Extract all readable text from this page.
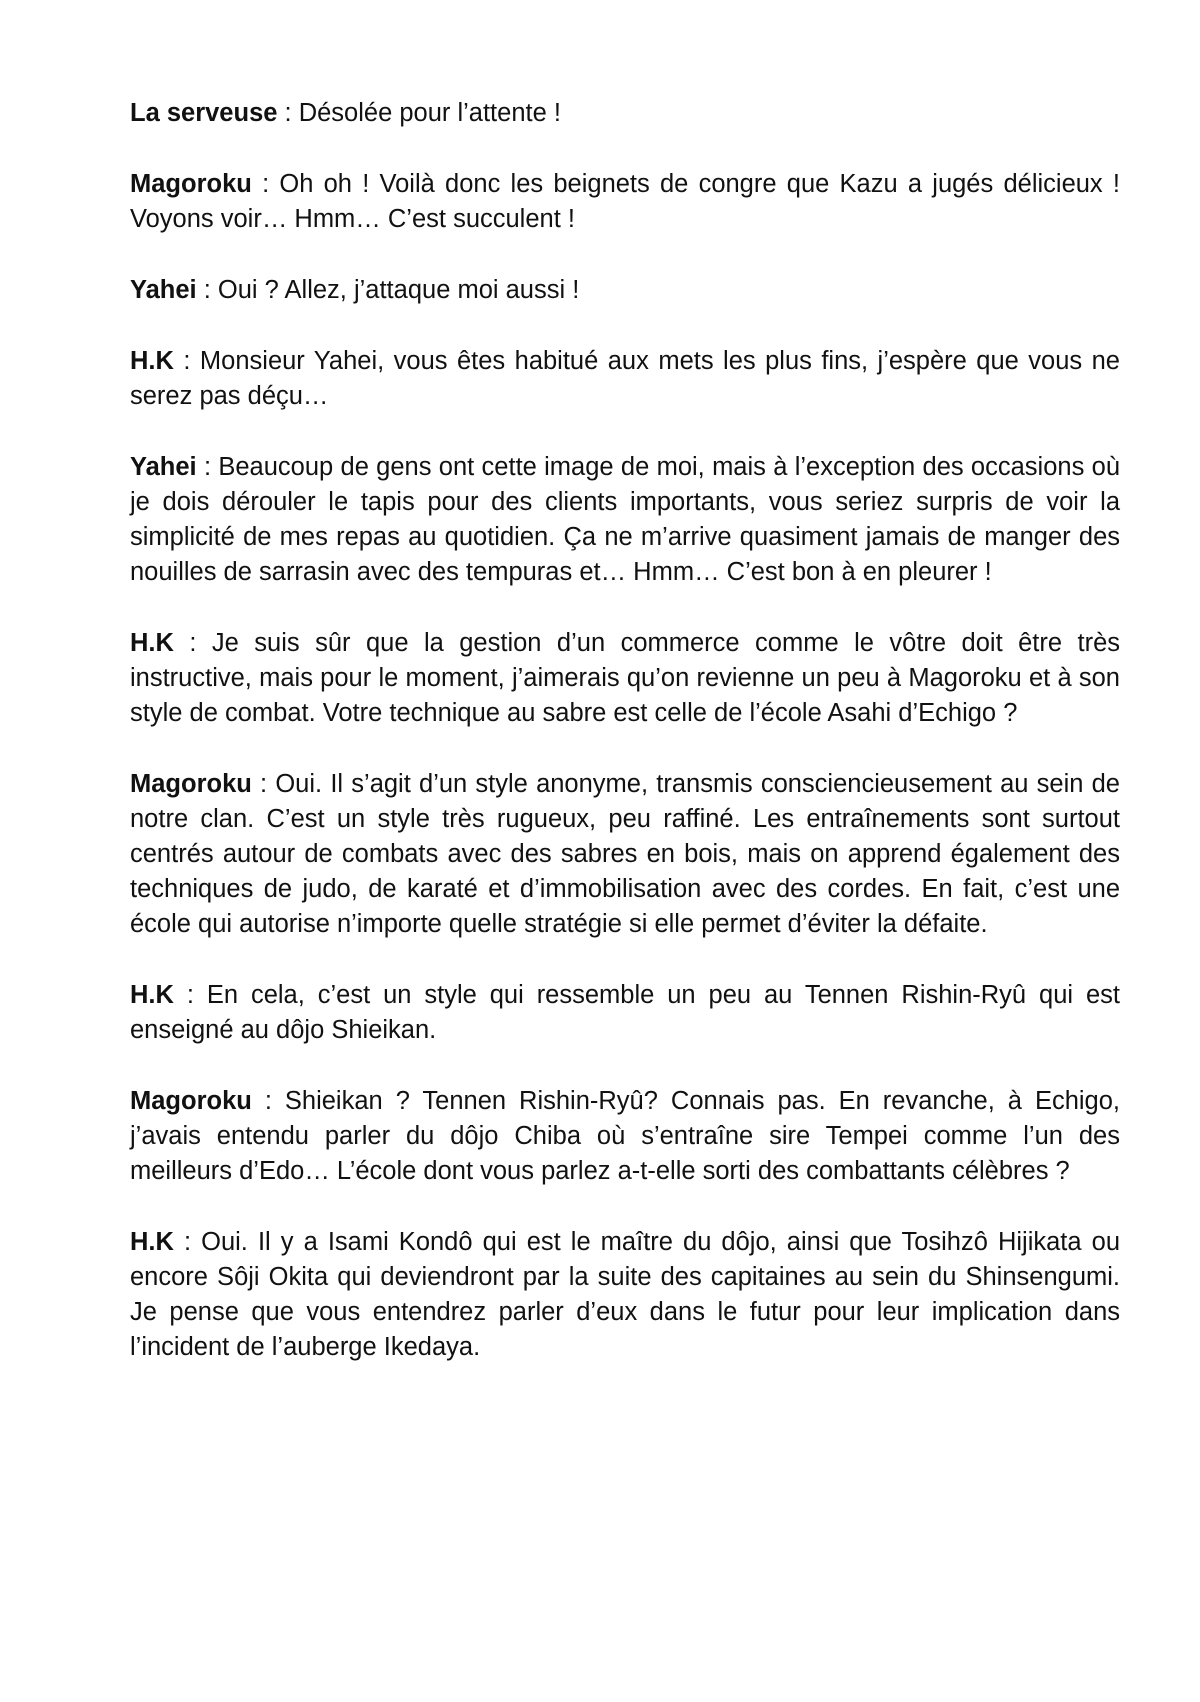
La serveuse : Désolée pour l’attente !

Magoroku : Oh oh ! Voilà donc les beignets de congre que Kazu a jugés délicieux ! Voyons voir… Hmm… C’est succulent !

Yahei : Oui ? Allez, j’attaque moi aussi !

H.K : Monsieur Yahei, vous êtes habitué aux mets les plus fins, j’espère que vous ne serez pas déçu…

Yahei : Beaucoup de gens ont cette image de moi, mais à l’exception des occasions où je dois dérouler le tapis pour des clients importants, vous seriez surpris de voir la simplicité de mes repas au quotidien. Ça ne m’arrive quasiment jamais de manger des nouilles de sarrasin avec des tempuras et… Hmm… C’est bon à en pleurer !

H.K : Je suis sûr que la gestion d’un commerce comme le vôtre doit être très instructive, mais pour le moment, j’aimerais qu’on revienne un peu à Magoroku et à son style de combat. Votre technique au sabre est celle de l’école Asahi d’Echigo ?

Magoroku : Oui. Il s’agit d’un style anonyme, transmis consciencieusement au sein de notre clan. C’est un style très rugueux, peu raffiné. Les entraînements sont surtout centrés autour de combats avec des sabres en bois, mais on apprend également des techniques de judo, de karaté et d’immobilisation avec des cordes. En fait, c’est une école qui autorise n’importe quelle stratégie si elle permet d’éviter la défaite.

H.K : En cela, c’est un style qui ressemble un peu au Tennen Rishin-Ryû qui est enseigné au dôjo Shieikan.

Magoroku : Shieikan ? Tennen Rishin-Ryû? Connais pas. En revanche, à Echigo, j’avais entendu parler du dôjo Chiba où s’entraîne sire Tempei comme l’un des meilleurs d’Edo… L’école dont vous parlez a-t-elle sorti des combattants célèbres ?

H.K : Oui. Il y a Isami Kondô qui est le maître du dôjo, ainsi que Tosihzô Hijikata ou encore Sôji Okita qui deviendront par la suite des capitaines au sein du Shinsengumi. Je pense que vous entendrez parler d’eux dans le futur pour leur implication dans l’incident de l’auberge Ikedaya.
